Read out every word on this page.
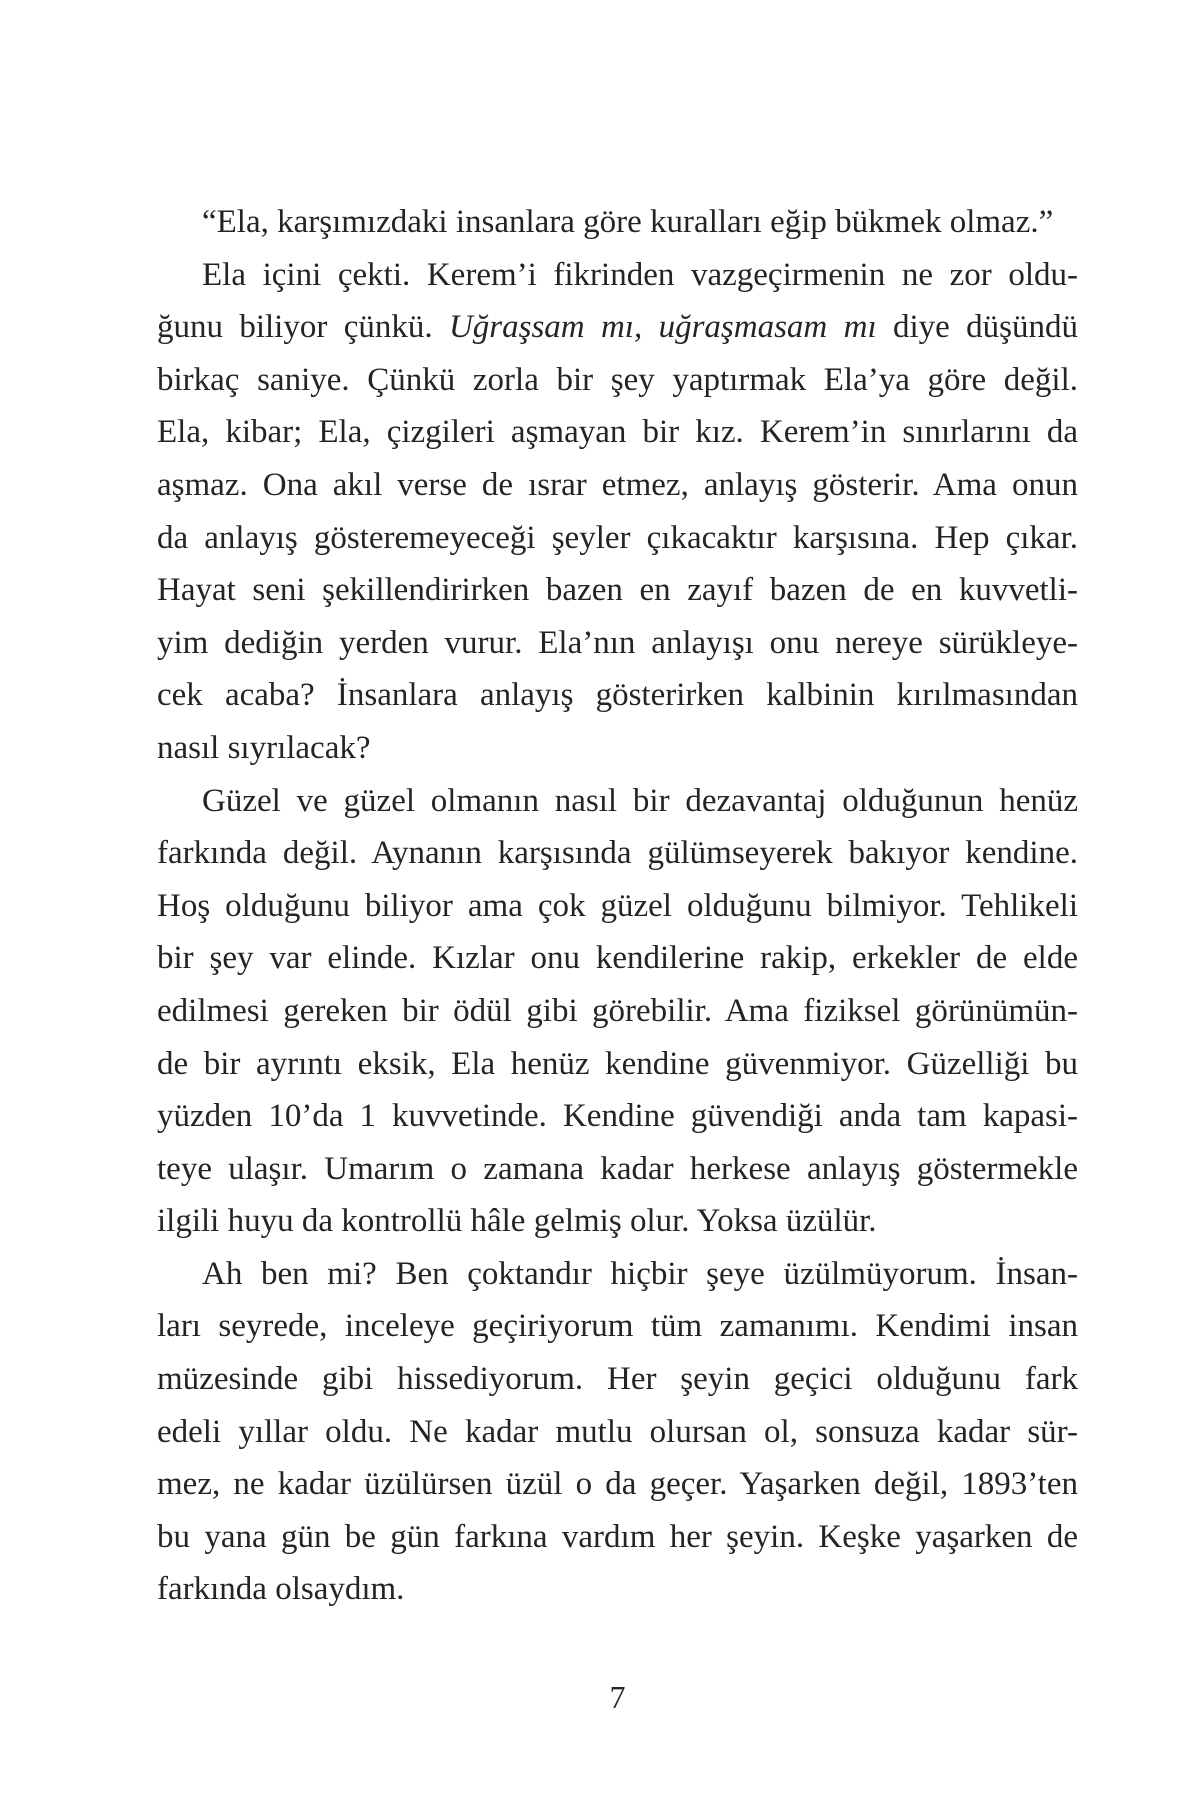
“Ela, karşımızdaki insanlara göre kuralları eğip bükmek olmaz.”
Ela içini çekti. Kerem’i fikrinden vazgeçirmenin ne zor oldu-
ğunu biliyor çünkü. Uğraşsam mı, uğraşmasam mı diye düşündü
birkaç saniye. Çünkü zorla bir şey yaptırmak Ela’ya göre değil.
Ela, kibar; Ela, çizgileri aşmayan bir kız. Kerem’in sınırlarını da
aşmaz. Ona akıl verse de ısrar etmez, anlayış gösterir. Ama onun
da anlayış gösteremeyeceği şeyler çıkacaktır karşısına. Hep çıkar.
Hayat seni şekillendirirken bazen en zayıf bazen de en kuvvetli-
yim dediğin yerden vurur. Ela’nın anlayışı onu nereye sürükleye-
cek acaba? İnsanlara anlayış gösterirken kalbinin kırılmasından
nasıl sıyrılacak?
Güzel ve güzel olmanın nasıl bir dezavantaj olduğunun henüz
farkında değil. Aynanın karşısında gülümseyerek bakıyor kendine.
Hoş olduğunu biliyor ama çok güzel olduğunu bilmiyor. Tehlikeli
bir şey var elinde. Kızlar onu kendilerine rakip, erkekler de elde
edilmesi gereken bir ödül gibi görebilir. Ama fiziksel görünümün-
de bir ayrıntı eksik, Ela henüz kendine güvenmiyor. Güzelliği bu
yüzden 10’da 1 kuvvetinde. Kendine güvendiği anda tam kapasi-
teye ulaşır. Umarım o zamana kadar herkese anlayış göstermekle
ilgili huyu da kontrollü hâle gelmiş olur. Yoksa üzülür.
Ah ben mi? Ben çoktandır hiçbir şeye üzülmüyorum. İnsan-
ları seyrede, inceleye geçiriyorum tüm zamanımı. Kendimi insan
müzesinde gibi hissediyorum. Her şeyin geçici olduğunu fark
edeli yıllar oldu. Ne kadar mutlu olursan ol, sonsuza kadar sür-
mez, ne kadar üzülürsen üzül o da geçer. Yaşarken değil, 1893’ten
bu yana gün be gün farkına vardım her şeyin. Keşke yaşarken de
farkında olsaydım.
7
